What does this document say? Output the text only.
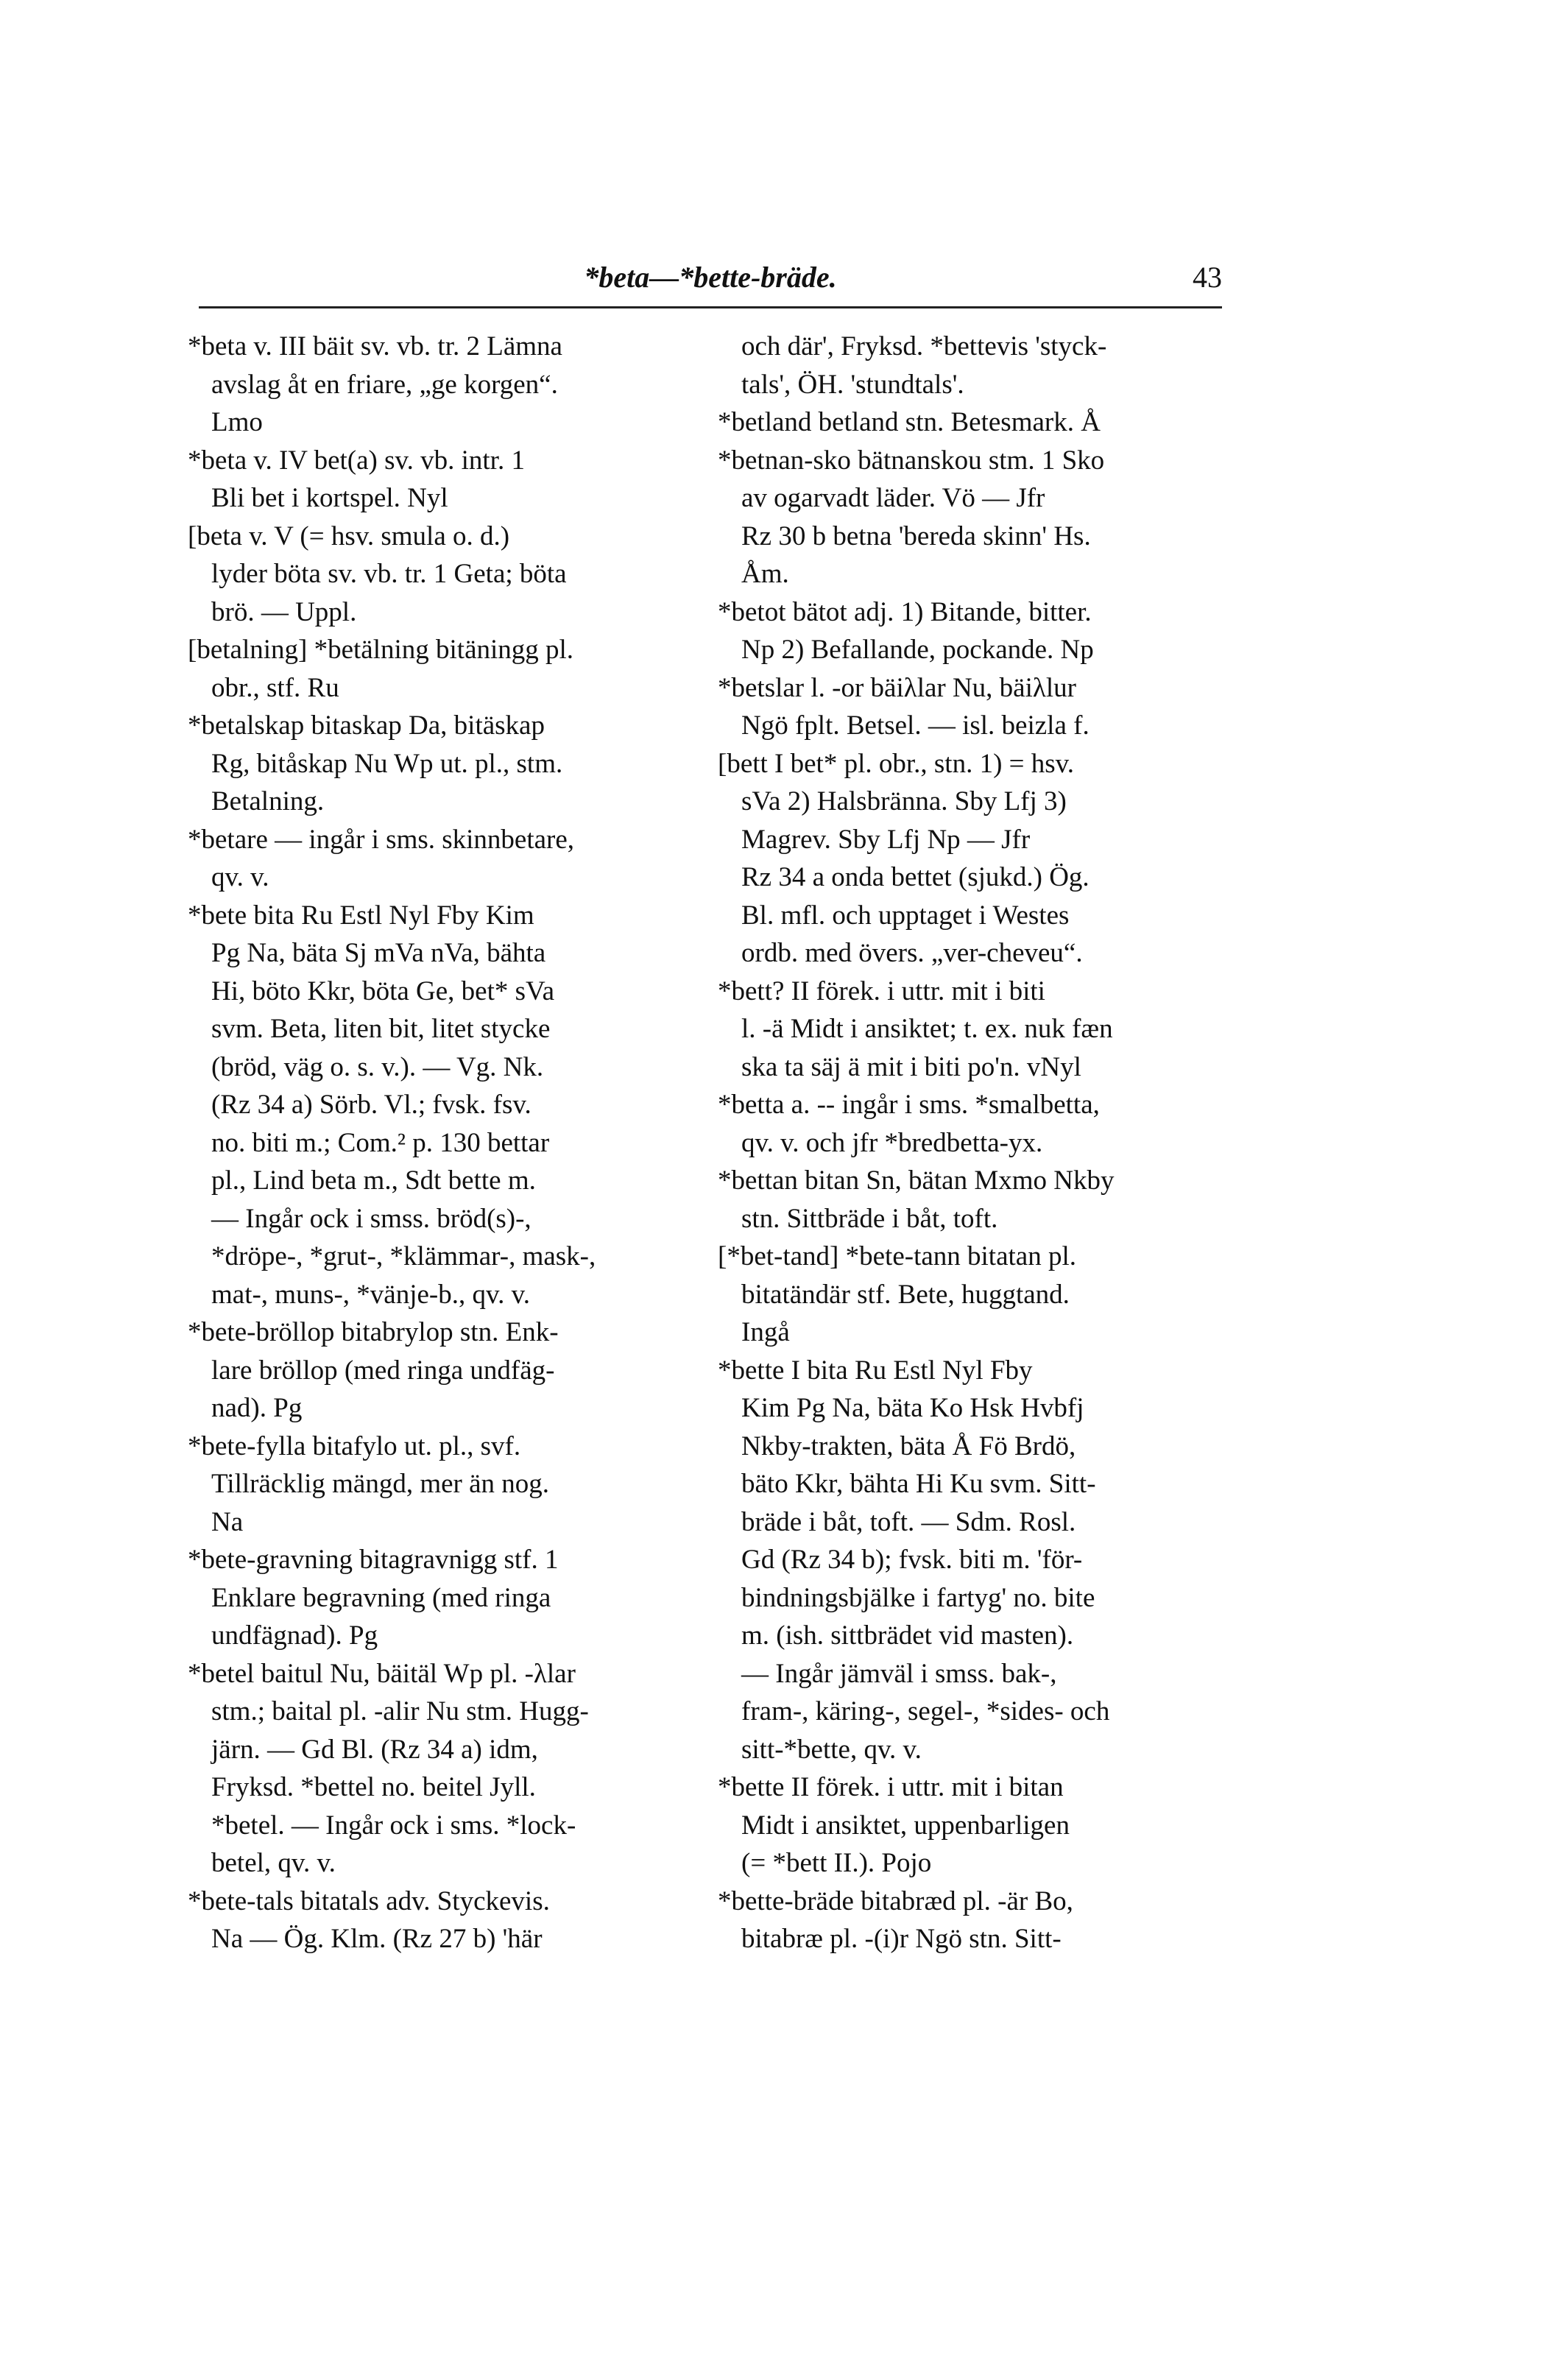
*beta—*bette-bräde.	43
*beta v. III bäit sv. vb. tr. 2 Lämna
avslag åt en friare, „ge korgen“.
Lmo
*beta v. IV bet(a) sv. vb. intr. 1
Bli bet i kortspel. Nyl
[beta v. V (= hsv. smula o. d.)
lyder böta sv. vb. tr. 1 Geta; böta
brö. — Uppl.
[betalning] *betälning bitäningg pl.
obr., stf. Ru
*betalskap bitaskap Da, bitäskap
Rg, bitåskap Nu Wp ut. pl., stm.
Betalning.
*betare — ingår i sms. skinnbetare,
qv. v.
*bete bita Ru Estl Nyl Fby Kim
Pg Na, bäta Sj mVa nVa, bähta
Hi, böto Kkr, böta Ge, bet* sVa
svm. Beta, liten bit, litet stycke
(bröd, väg o. s. v.). — Vg. Nk.
(Rz 34 a) Sörb. Vl.; fvsk. fsv.
no. biti m.; Com.² p. 130 bettar
pl., Lind beta m., Sdt bette m.
— Ingår ock i smss. bröd(s)-,
*dröpe-, *grut-, *klämmar-, mask-,
mat-, muns-, *vänje-b., qv. v.
*bete-bröllop bitabrylop stn. Enk-
lare bröllop (med ringa undfäg-
nad). Pg
*bete-fylla bitafylo ut. pl., svf.
Tillräcklig mängd, mer än nog.
Na
*bete-gravning bitagravnigg stf. 1
Enklare begravning (med ringa
undfägnad). Pg
*betel baitul Nu, bäitäl Wp pl. -λlar
stm.; baital pl. -alir Nu stm. Hugg-
järn. — Gd Bl. (Rz 34 a) idm,
Fryksd. *bettel no. beitel Jyll.
*betel. — Ingår ock i sms. *lock-
betel, qv. v.
*bete-tals bitatals adv. Styckevis.
Na — Ög. Klm. (Rz 27 b) 'här
och där', Fryksd. *bettevis 'styck-
tals', ÖH. 'stundtals'.
*betland betland stn. Betesmark. Å
*betnan-sko bätnanskou stm. 1 Sko
av ogarvadt läder. Vö — Jfr
Rz 30 b betna 'bereda skinn' Hs.
Åm.
*betot bätot adj. 1) Bitande, bitter.
Np 2) Befallande, pockande. Np
*betslar l. -or bäiλlar Nu, bäiλlur
Ngö fplt. Betsel. — isl. beizla f.
[bett I bet* pl. obr., stn. 1) = hsv.
sVa 2) Halsbränna. Sby Lfj 3)
Magrev. Sby Lfj Np — Jfr
Rz 34 a onda bettet (sjukd.) Ög.
Bl. mfl. och upptaget i Westes
ordb. med övers. „ver-cheveu“.
*bett? II förek. i uttr. mit i biti
l. -ä Midt i ansiktet; t. ex. nuk fæn
ska ta säj ä mit i biti po'n. vNyl
*betta a. -- ingår i sms. *smalbetta,
qv. v. och jfr *bredbetta-yx.
*bettan bitan Sn, bätan Mxmo Nkby
stn. Sittbräde i båt, toft.
[*bet-tand] *bete-tann bitatan pl.
bitatändär stf. Bete, huggtand.
Ingå
*bette I bita Ru Estl Nyl Fby
Kim Pg Na, bäta Ko Hsk Hvbfj
Nkby-trakten, bäta Å Fö Brdö,
bäto Kkr, bähta Hi Ku svm. Sitt-
bräde i båt, toft. — Sdm. Rosl.
Gd (Rz 34 b); fvsk. biti m. 'för-
bindningsbjälke i fartyg' no. bite
m. (ish. sittbrädet vid masten).
— Ingår jämväl i smss. bak-,
fram-, käring-, segel-, *sides- och
sitt-*bette, qv. v.
*bette II förek. i uttr. mit i bitan
Midt i ansiktet, uppenbarligen
(= *bett II.). Pojo
*bette-bräde bitabræd pl. -är Bo,
bitabræ pl. -(i)r Ngö stn. Sitt-
